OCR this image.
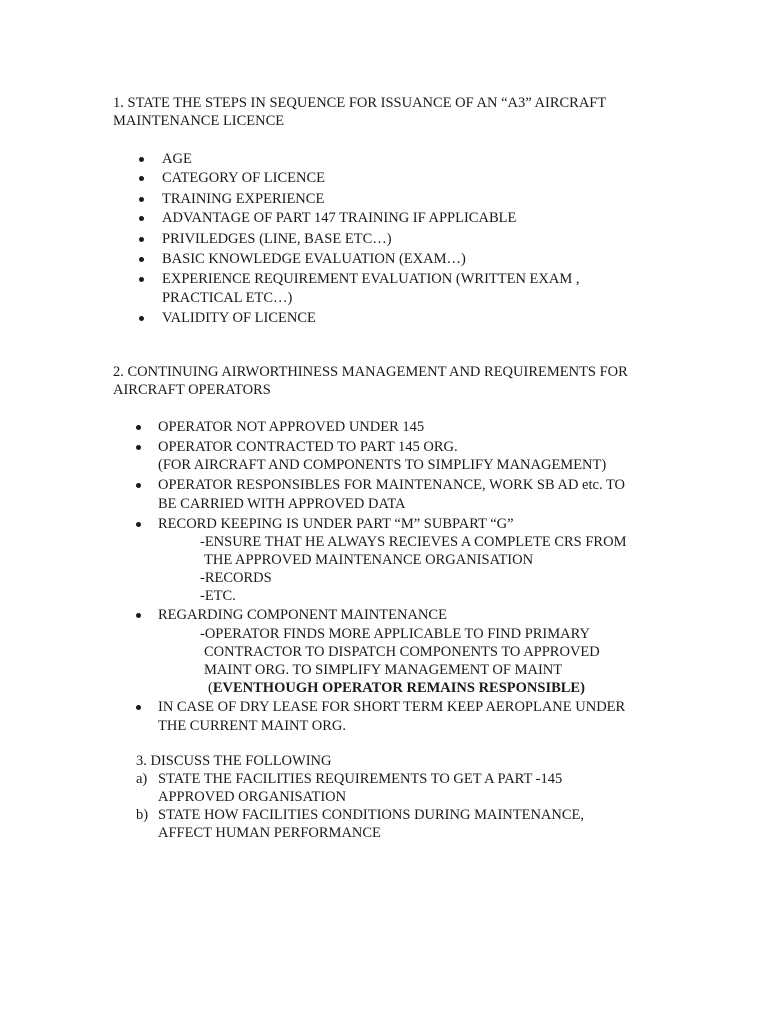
1. STATE THE STEPS IN SEQUENCE FOR ISSUANCE OF AN “A3” AIRCRAFT
MAINTENANCE LICENCE
AGE
CATEGORY OF LICENCE
TRAINING EXPERIENCE
ADVANTAGE OF PART 147 TRAINING IF APPLICABLE
PRIVILEDGES (LINE, BASE ETC…)
BASIC KNOWLEDGE EVALUATION (EXAM…)
EXPERIENCE REQUIREMENT EVALUATION (WRITTEN EXAM ,
PRACTICAL ETC…)
VALIDITY OF LICENCE
2. CONTINUING AIRWORTHINESS MANAGEMENT AND REQUIREMENTS FOR
AIRCRAFT OPERATORS
OPERATOR NOT APPROVED UNDER 145
OPERATOR CONTRACTED TO PART 145 ORG.
(FOR AIRCRAFT AND COMPONENTS TO SIMPLIFY MANAGEMENT)
OPERATOR RESPONSIBLES FOR MAINTENANCE, WORK SB AD etc. TO
BE CARRIED WITH APPROVED DATA
RECORD KEEPING IS UNDER PART “M” SUBPART “G”
-ENSURE THAT HE ALWAYS RECIEVES A COMPLETE CRS FROM
THE APPROVED MAINTENANCE ORGANISATION
-RECORDS
-ETC.
REGARDING COMPONENT MAINTENANCE
-OPERATOR FINDS MORE APPLICABLE TO FIND PRIMARY
CONTRACTOR TO DISPATCH COMPONENTS TO APPROVED
MAINT ORG. TO SIMPLIFY MANAGEMENT OF MAINT
(EVENTHOUGH OPERATOR REMAINS RESPONSIBLE)
IN CASE OF DRY LEASE FOR SHORT TERM KEEP AEROPLANE UNDER
THE CURRENT MAINT ORG.
3. DISCUSS THE FOLLOWING
a) STATE THE FACILITIES REQUIREMENTS TO GET A PART -145
APPROVED ORGANISATION
b) STATE HOW FACILITIES CONDITIONS DURING MAINTENANCE,
AFFECT HUMAN PERFORMANCE
